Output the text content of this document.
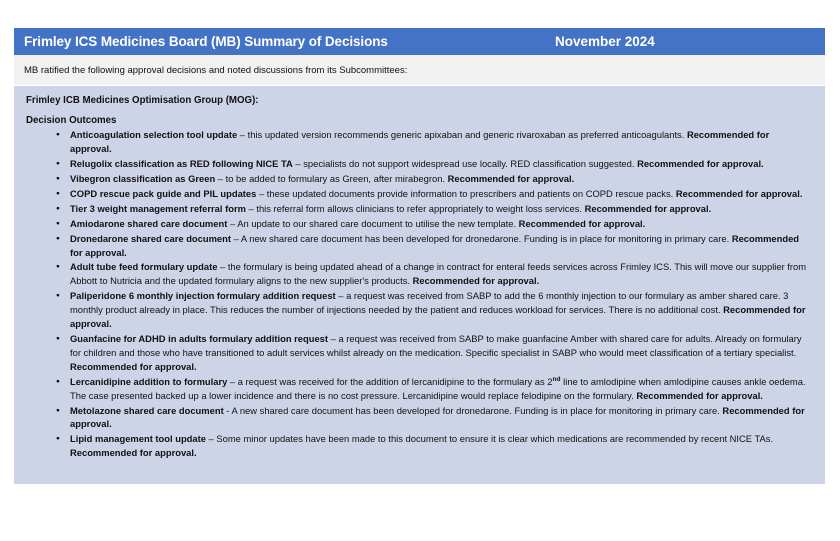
Frimley ICS Medicines Board (MB) Summary of Decisions	November 2024
MB ratified the following approval decisions and noted discussions from its Subcommittees:
Frimley ICB Medicines Optimisation Group (MOG):
Decision Outcomes
● Anticoagulation selection tool update – this updated version recommends generic apixaban and generic rivaroxaban as preferred anticoagulants. Recommended for approval.
● Relugolix classification as RED following NICE TA – specialists do not support widespread use locally. RED classification suggested. Recommended for approval.
● Vibegron classification as Green – to be added to formulary as Green, after mirabegron. Recommended for approval.
● COPD rescue pack guide and PIL updates – these updated documents provide information to prescribers and patients on COPD rescue packs. Recommended for approval.
● Tier 3 weight management referral form – this referral form allows clinicians to refer appropriately to weight loss services. Recommended for approval.
● Amiodarone shared care document – An update to our shared care document to utilise the new template. Recommended for approval.
● Dronedarone shared care document – A new shared care document has been developed for dronedarone. Funding is in place for monitoring in primary care. Recommended for approval.
● Adult tube feed formulary update – the formulary is being updated ahead of a change in contract for enteral feeds services across Frimley ICS. This will move our supplier from Abbott to Nutricia and the updated formulary aligns to the new supplier's products. Recommended for approval.
● Paliperidone 6 monthly injection formulary addition request – a request was received from SABP to add the 6 monthly injection to our formulary as amber shared care. 3 monthly product already in place. This reduces the number of injections needed by the patient and reduces workload for services. There is no additional cost. Recommended for approval.
● Guanfacine for ADHD in adults formulary addition request – a request was received from SABP to make guanfacine Amber with shared care for adults. Already on formulary for children and those who have transitioned to adult services whilst already on the medication. Specific specialist in SABP who would meet classification of a tertiary specialist. Recommended for approval.
● Lercanidipine addition to formulary – a request was received for the addition of lercanidipine to the formulary as 2nd line to amlodipine when amlodipine causes ankle oedema. The case presented backed up a lower incidence and there is no cost pressure. Lercanidipine would replace felodipine on the formulary. Recommended for approval.
● Metolazone shared care document - A new shared care document has been developed for dronedarone. Funding is in place for monitoring in primary care. Recommended for approval.
● Lipid management tool update – Some minor updates have been made to this document to ensure it is clear which medications are recommended by recent NICE TAs. Recommended for approval.
